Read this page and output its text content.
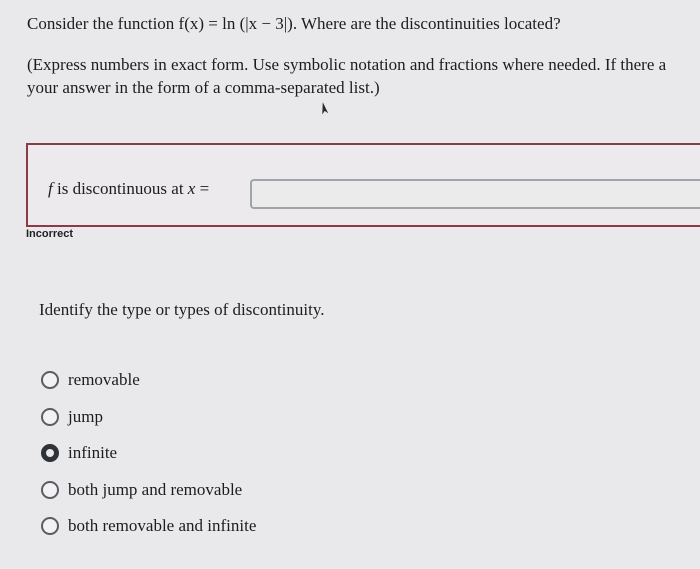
Consider the function f(x) = ln (|x − 3|). Where are the discontinuities located?
(Express numbers in exact form. Use symbolic notation and fractions where needed. If there a
your answer in the form of a comma-separated list.)
f is discontinuous at x =
Incorrect
Identify the type or types of discontinuity.
removable
jump
infinite
both jump and removable
both removable and infinite
